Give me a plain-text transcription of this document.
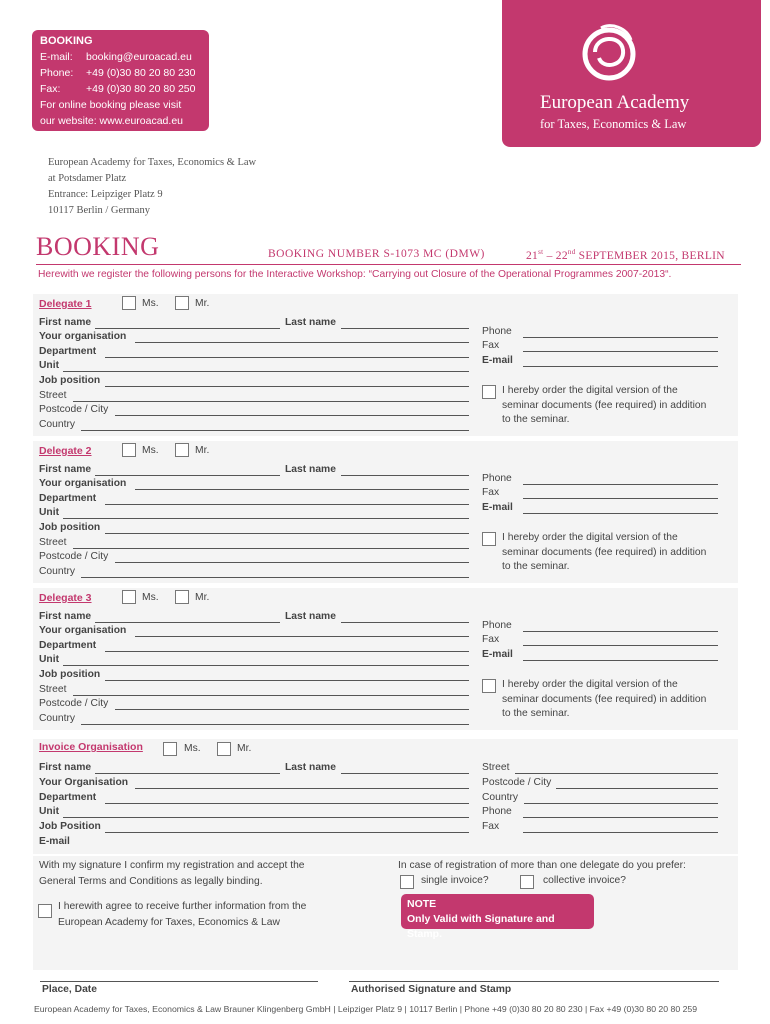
BOOKING
E-mail:	booking@euroacad.eu
Phone:	+49 (0)30 80 20 80 230
Fax:	+49 (0)30 80 20 80 250
For online booking please visit
our website: www.euroacad.eu
European Academy
for Taxes, Economics & Law
European Academy for Taxes, Economics & Law
at Potsdamer Platz
Entrance: Leipziger Platz 9
10117 Berlin / Germany
BOOKING	BOOKING NUMBER S-1073 MC (DMW)	21st – 22nd SEPTEMBER 2015, BERLIN
Herewith we register the following persons for the Interactive Workshop: “Carrying out Closure of the Operational Programmes 2007-2013“.
Delegate 1	Ms.	Mr.
First name	Last name
Your organisation
Department
Unit
Job position
Street
Postcode / City
Country
Phone
Fax
E-mail
I hereby order the digital version of the
seminar documents (fee required) in addition
to the seminar.
Delegate 2	Ms.	Mr.
First name	Last name
Your organisation
Department
Unit
Job position
Street
Postcode / City
Country
Phone
Fax
E-mail
I hereby order the digital version of the
seminar documents (fee required) in addition
to the seminar.
Delegate 3	Ms.	Mr.
First name	Last name
Your organisation
Department
Unit
Job position
Street
Postcode / City
Country
Phone
Fax
E-mail
I hereby order the digital version of the
seminar documents (fee required) in addition
to the seminar.
Invoice Organisation	Ms.	Mr.
First name	Last name
Your Organisation
Department
Unit
Job Position
E-mail
Street
Postcode / City
Country
Phone
Fax
With my signature I confirm my registration and accept the
General Terms and Conditions as legally binding.
I herewith agree to receive further information from the
European Academy for Taxes, Economics & Law
In case of registration of more than one delegate do you prefer:
single invoice?	collective invoice?
NOTE
Only Valid with Signature and Stamp.
Place, Date	Authorised Signature and Stamp
European Academy for Taxes, Economics & Law Brauner Klingenberg GmbH | Leipziger Platz 9 | 10117 Berlin | Phone +49 (0)30 80 20 80 230 | Fax +49 (0)30 80 20 80 259
